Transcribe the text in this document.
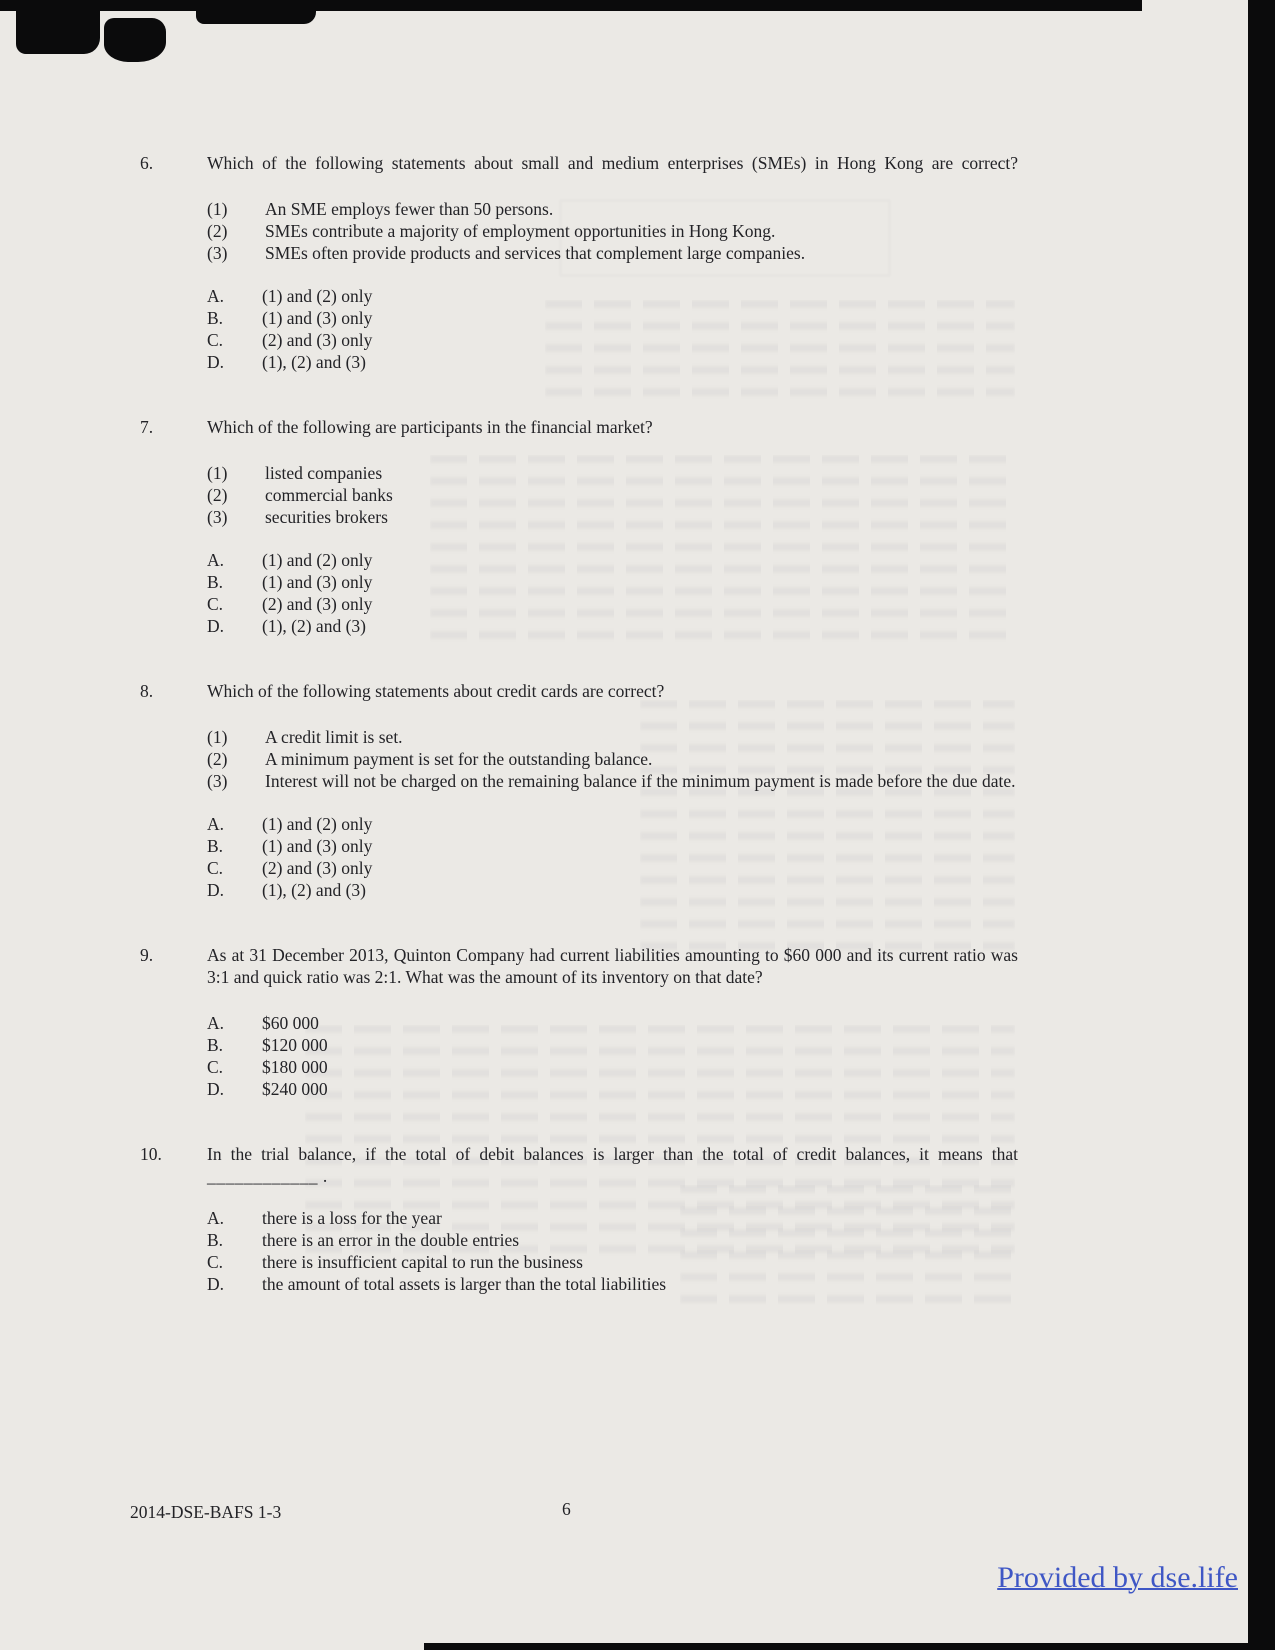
6.	Which of the following statements about small and medium enterprises (SMEs) in Hong Kong are correct?
(1)	An SME employs fewer than 50 persons.
(2)	SMEs contribute a majority of employment opportunities in Hong Kong.
(3)	SMEs often provide products and services that complement large companies.
A.	(1) and (2) only
B.	(1) and (3) only
C.	(2) and (3) only
D.	(1), (2) and (3)
7.	Which of the following are participants in the financial market?
(1)	listed companies
(2)	commercial banks
(3)	securities brokers
A.	(1) and (2) only
B.	(1) and (3) only
C.	(2) and (3) only
D.	(1), (2) and (3)
8.	Which of the following statements about credit cards are correct?
(1)	A credit limit is set.
(2)	A minimum payment is set for the outstanding balance.
(3)	Interest will not be charged on the remaining balance if the minimum payment is made before the due date.
A.	(1) and (2) only
B.	(1) and (3) only
C.	(2) and (3) only
D.	(1), (2) and (3)
9.	As at 31 December 2013, Quinton Company had current liabilities amounting to $60 000 and its current ratio was 3:1 and quick ratio was 2:1. What was the amount of its inventory on that date?
A.	$60 000
B.	$120 000
C.	$180 000
D.	$240 000
10.	In the trial balance, if the total of debit balances is larger than the total of credit balances, it means that
____________ .
A.	there is a loss for the year
B.	there is an error in the double entries
C.	there is insufficient capital to run the business
D.	the amount of total assets is larger than the total liabilities
2014-DSE-BAFS 1-3	6
Provided by dse.life
